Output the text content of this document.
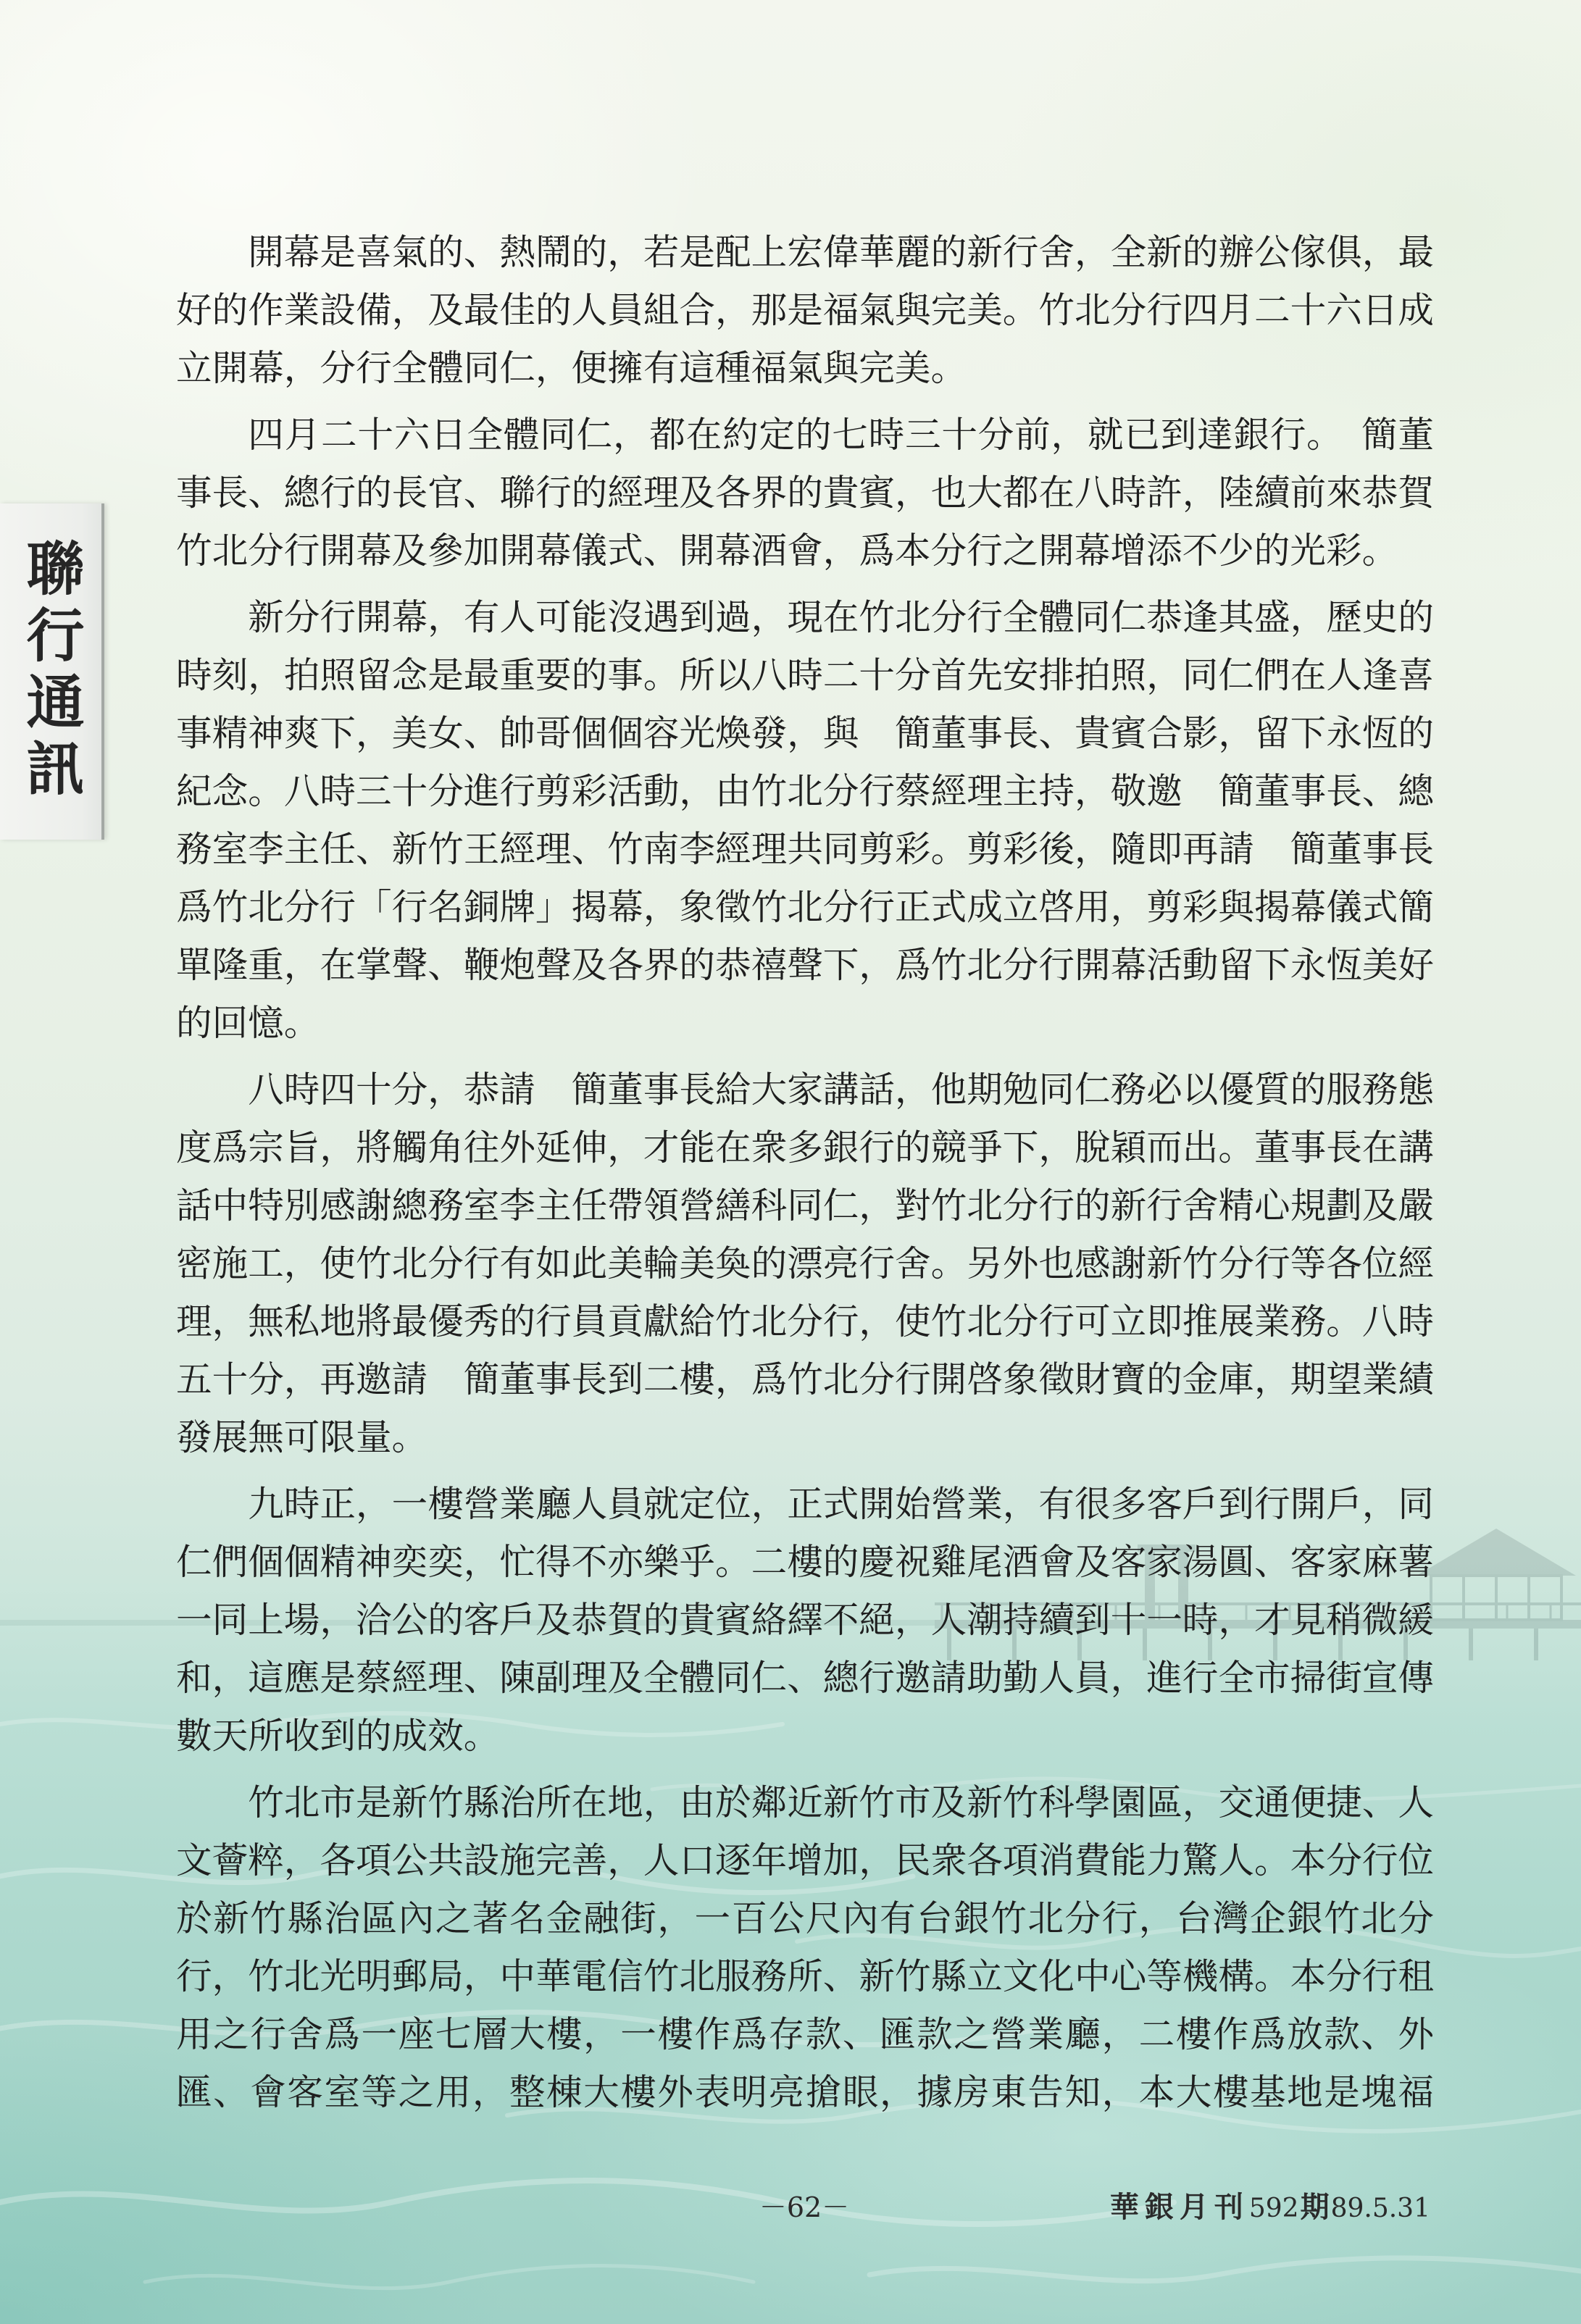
聯行通訊
開幕是喜氣的、熱鬧的，若是配上宏偉華麗的新行舍，全新的辦公傢俱，最
好的作業設備，及最佳的人員組合，那是福氣與完美。竹北分行四月二十六日成
立開幕，分行全體同仁，便擁有這種福氣與完美。
四月二十六日全體同仁，都在約定的七時三十分前，就已到達銀行。　簡董
事長、總行的長官、聯行的經理及各界的貴賓，也大都在八時許，陸續前來恭賀
竹北分行開幕及參加開幕儀式、開幕酒會，爲本分行之開幕增添不少的光彩。
新分行開幕，有人可能沒遇到過，現在竹北分行全體同仁恭逢其盛，歷史的
時刻，拍照留念是最重要的事。所以八時二十分首先安排拍照，同仁們在人逢喜
事精神爽下，美女、帥哥個個容光煥發，與　簡董事長、貴賓合影，留下永恆的
紀念。八時三十分進行剪彩活動，由竹北分行蔡經理主持，敬邀　簡董事長、總
務室李主任、新竹王經理、竹南李經理共同剪彩。剪彩後，隨即再請　簡董事長
爲竹北分行「行名銅牌」揭幕，象徵竹北分行正式成立啓用，剪彩與揭幕儀式簡
單隆重，在掌聲、鞭炮聲及各界的恭禧聲下，爲竹北分行開幕活動留下永恆美好
的回憶。
八時四十分，恭請　簡董事長給大家講話，他期勉同仁務必以優質的服務態
度爲宗旨，將觸角往外延伸，才能在衆多銀行的競爭下，脫穎而出。董事長在講
話中特別感謝總務室李主任帶領營繕科同仁，對竹北分行的新行舍精心規劃及嚴
密施工，使竹北分行有如此美輪美奐的漂亮行舍。另外也感謝新竹分行等各位經
理，無私地將最優秀的行員貢獻給竹北分行，使竹北分行可立即推展業務。八時
五十分，再邀請　簡董事長到二樓，爲竹北分行開啓象徵財寶的金庫，期望業績
發展無可限量。
九時正，一樓營業廳人員就定位，正式開始營業，有很多客戶到行開戶，同
仁們個個精神奕奕，忙得不亦樂乎。二樓的慶祝雞尾酒會及客家湯圓、客家麻薯
一同上場，洽公的客戶及恭賀的貴賓絡繹不絕，人潮持續到十一時，才見稍微緩
和，這應是蔡經理、陳副理及全體同仁、總行邀請助勤人員，進行全市掃街宣傳
數天所收到的成效。
竹北市是新竹縣治所在地，由於鄰近新竹市及新竹科學園區，交通便捷、人
文薈粹，各項公共設施完善，人口逐年增加，民衆各項消費能力驚人。本分行位
於新竹縣治區內之著名金融街，一百公尺內有台銀竹北分行，台灣企銀竹北分
行，竹北光明郵局，中華電信竹北服務所、新竹縣立文化中心等機構。本分行租
用之行舍爲一座七層大樓，一樓作爲存款、匯款之營業廳，二樓作爲放款、外
匯、會客室等之用，整棟大樓外表明亮搶眼，據房東告知，本大樓基地是塊福
－62－	華銀月刊592期89.5.31
